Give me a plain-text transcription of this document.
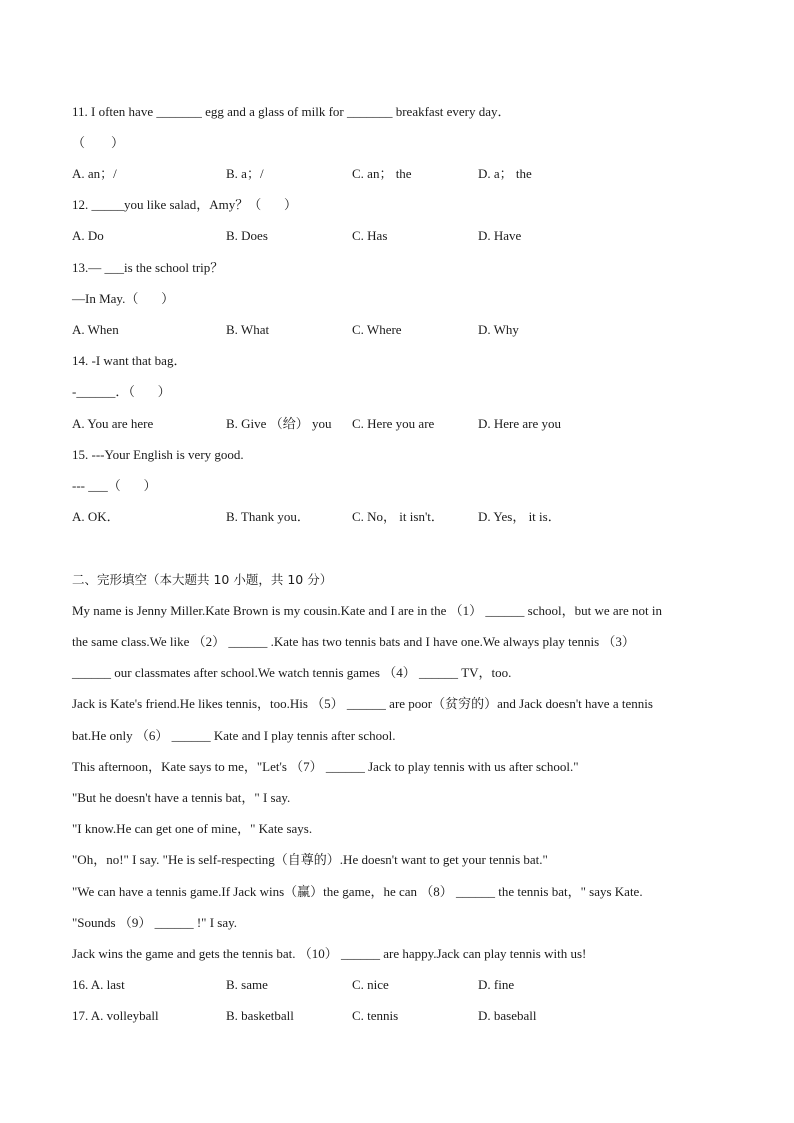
11. I often have _______ egg and a glass of milk for _______ breakfast every day．
（        ）
A. an；/	B. a；/	C. an； the	D. a； the
12. _____you like salad，Amy？（       ）
A. Do	B. Does	C. Has	D. Have
13.— ___is the school trip？
—In May.（       ）
A. When	B. What	C. Where	D. Why
14. -I want that bag．
-______．（       ）
A. You are here	B. Give （给） you C. Here you are	D. Here are you
15. ---Your English is very good.
--- ___（       ）
A. OK．	B. Thank you．	C. No， it isn't．	D. Yes， it is．
二、完形填空（本大题共 10 小题，共 10 分）
My name is Jenny Miller.Kate Brown is my cousin.Kate and I are in the （1） ______ school，but we are not in
the same class.We like （2） ______ .Kate has two tennis bats and I have one.We always play tennis （3）
______ our classmates after school.We watch tennis games （4） ______ TV，too.
Jack is Kate's friend.He likes tennis，too.His （5） ______ are poor（贫穷的）and Jack doesn't have a tennis
bat.He only （6） ______ Kate and I play tennis after school.
This afternoon，Kate says to me，"Let's （7） ______ Jack to play tennis with us after school."
"But he doesn't have a tennis bat，" I say.
"I know.He can get one of mine，" Kate says.
"Oh，no!" I say. "He is self-respecting（自尊的）.He doesn't want to get your tennis bat."
"We can have a tennis game.If Jack wins（赢）the game，he can （8） ______ the tennis bat，" says Kate.
"Sounds （9） ______ !" I say.
Jack wins the game and gets the tennis bat. （10） ______ are happy.Jack can play tennis with us!
16. A. last	B. same	C. nice	D. fine
17. A. volleyball	B. basketball	C. tennis	D. baseball
